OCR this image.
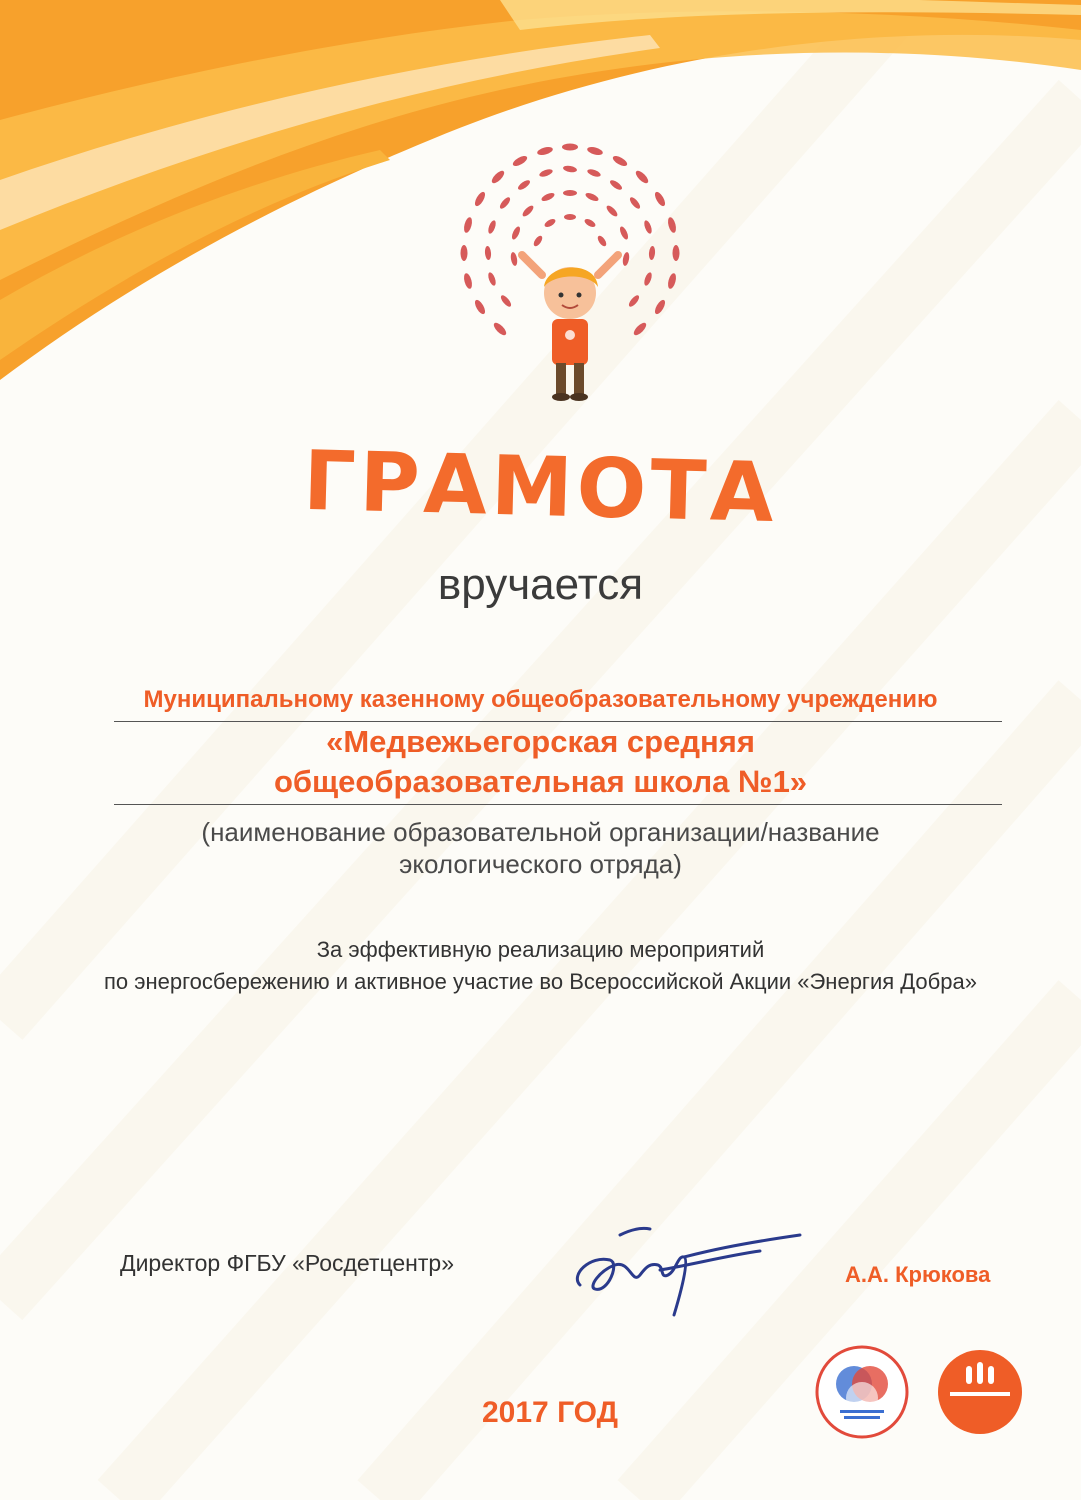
ГРАМОТА
вручается
Муниципальному казенному общеобразовательному учреждению
«Медвежьегорская средняя
общеобразовательная школа №1»
(наименование образовательной организации/название
экологического отряда)
За эффективную реализацию мероприятий
по энергосбережению и активное участие во Всероссийской Акции «Энергия Добра»
Директор ФГБУ «Росдетцентр»	А.А. Крюкова
2017 ГОД
